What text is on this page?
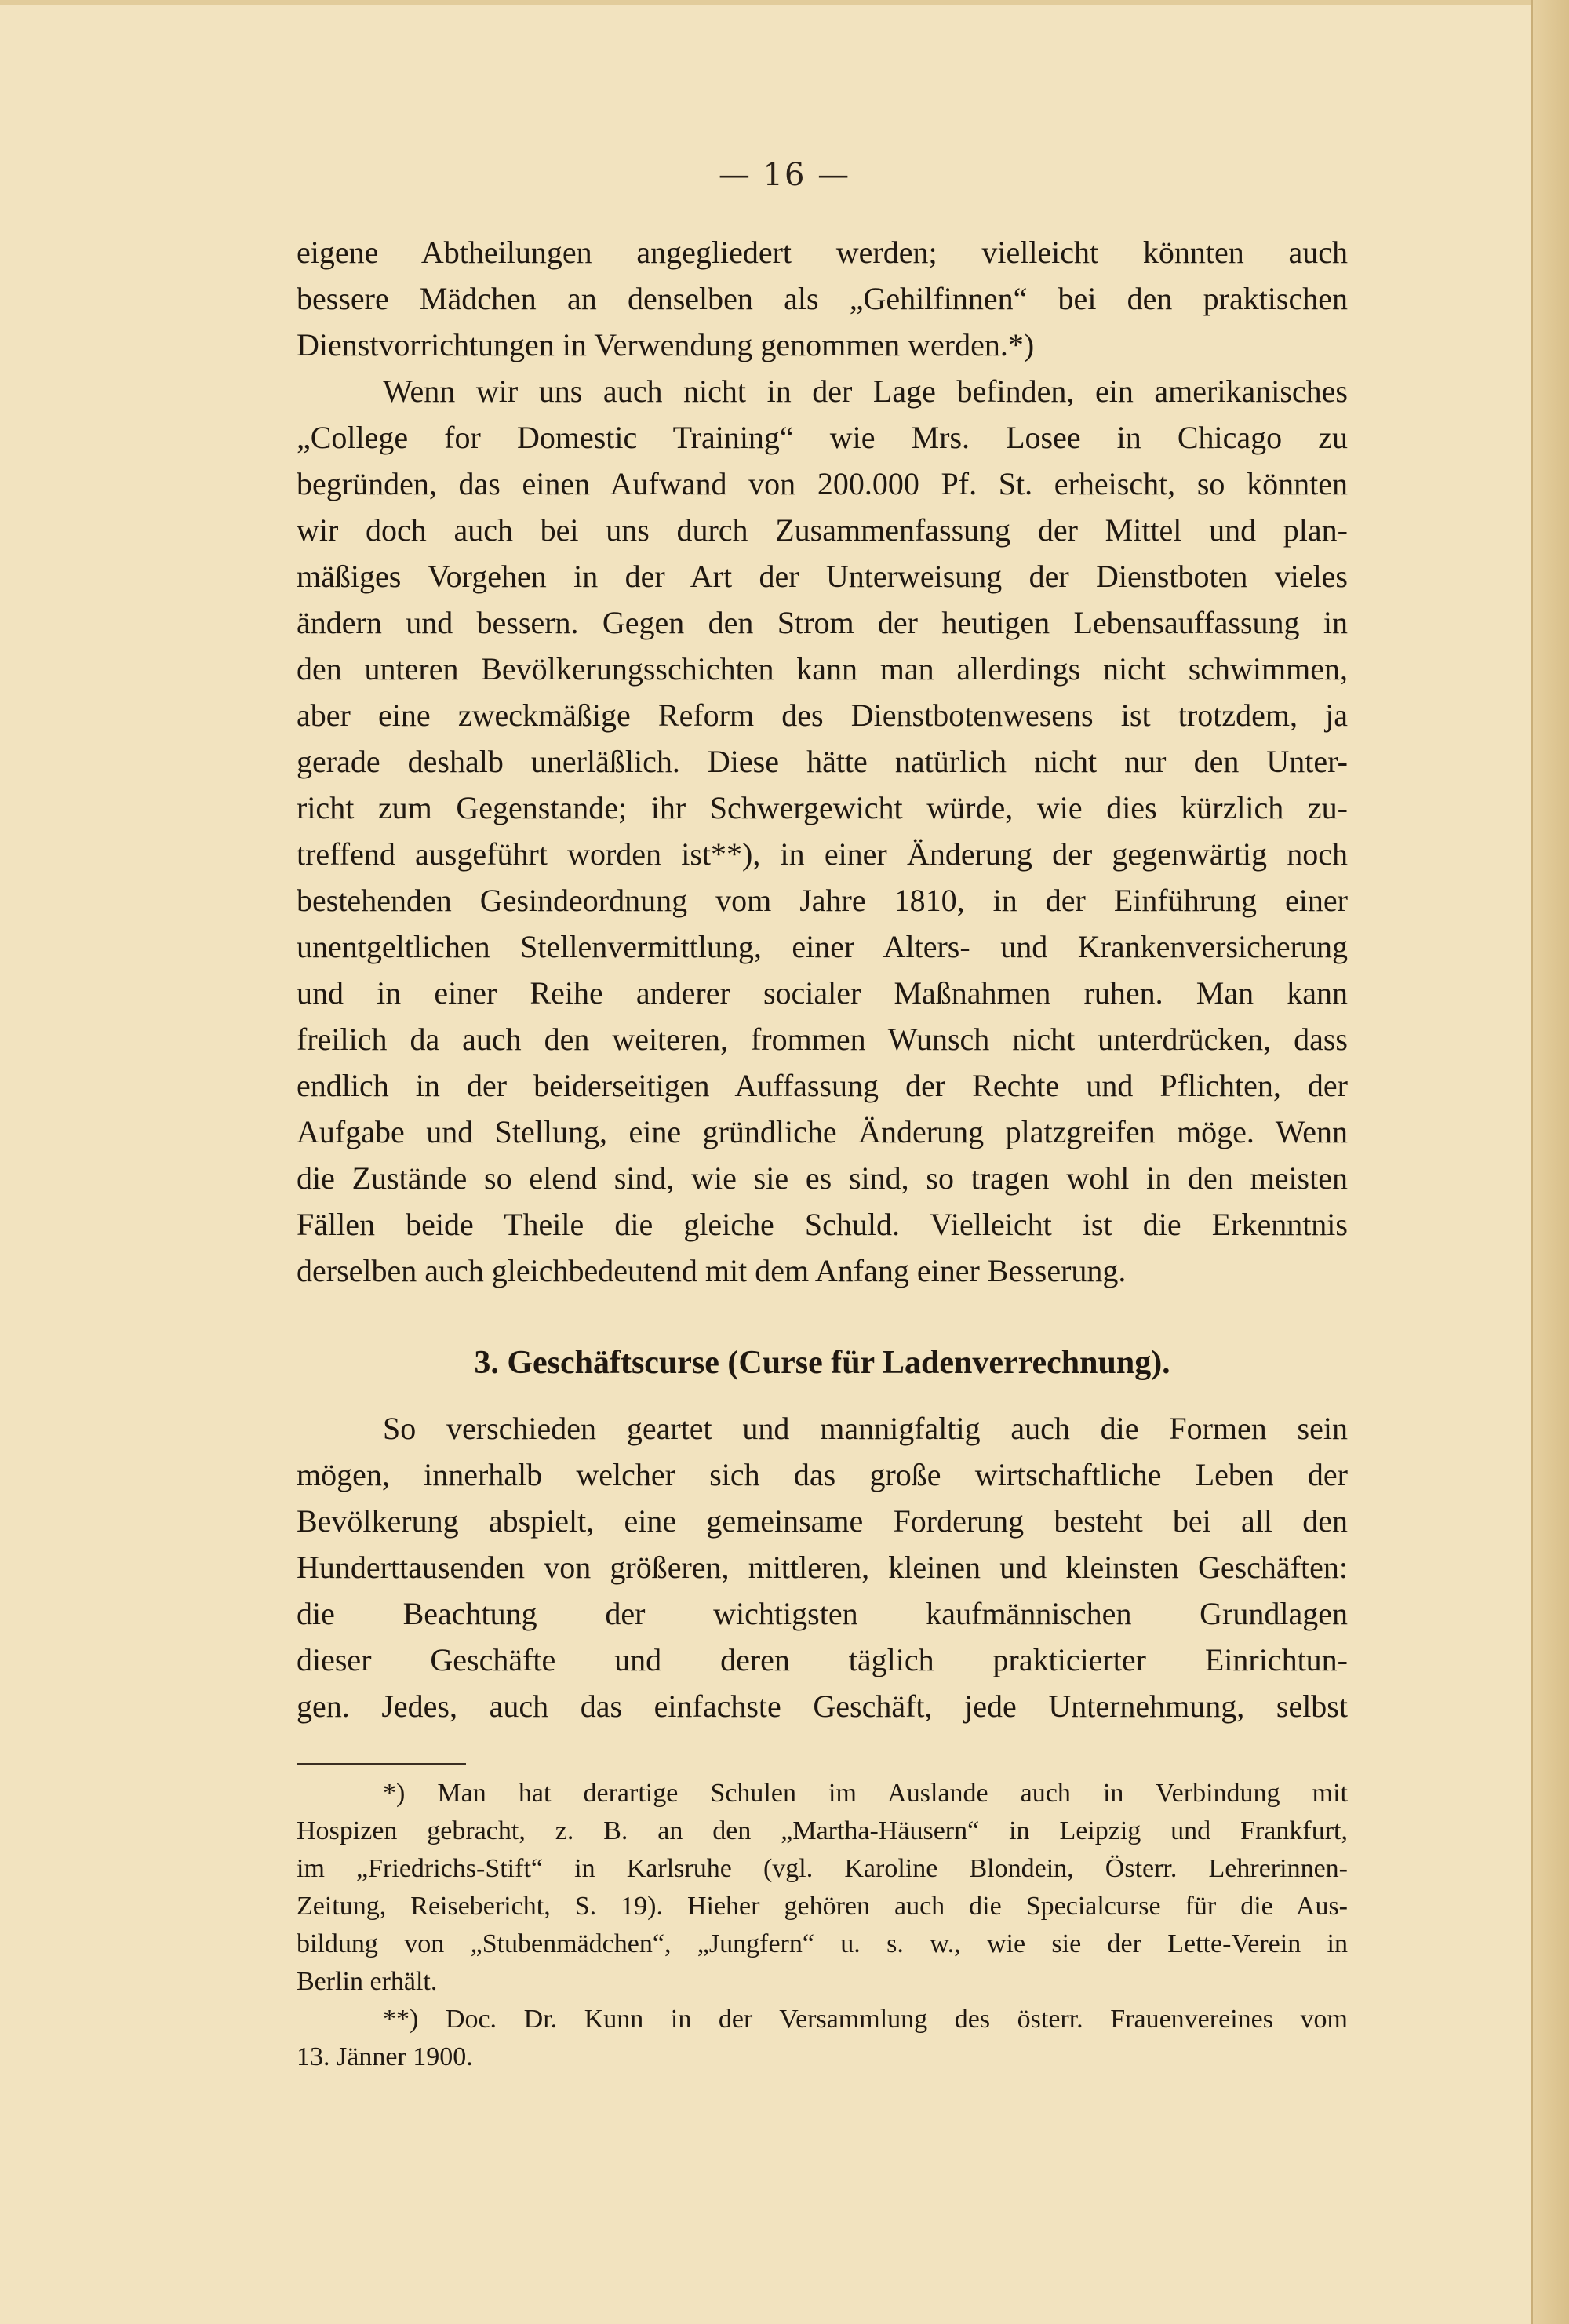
— 16 —
eigene Abtheilungen angegliedert werden; vielleicht könnten auch
bessere Mädchen an denselben als „Gehilfinnen“ bei den praktischen
Dienstvorrichtungen in Verwendung genommen werden.*)
Wenn wir uns auch nicht in der Lage befinden, ein amerikanisches
„College for Domestic Training“ wie Mrs. Losee in Chicago zu
begründen, das einen Aufwand von 200.000 Pf. St. erheischt, so könnten
wir doch auch bei uns durch Zusammenfassung der Mittel und plan-
mäßiges Vorgehen in der Art der Unterweisung der Dienstboten vieles
ändern und bessern. Gegen den Strom der heutigen Lebensauffassung in
den unteren Bevölkerungsschichten kann man allerdings nicht schwimmen,
aber eine zweckmäßige Reform des Dienstbotenwesens ist trotzdem, ja
gerade deshalb unerläßlich. Diese hätte natürlich nicht nur den Unter-
richt zum Gegenstande; ihr Schwergewicht würde, wie dies kürzlich zu-
treffend ausgeführt worden ist**), in einer Änderung der gegenwärtig noch
bestehenden Gesindeordnung vom Jahre 1810, in der Einführung einer
unentgeltlichen Stellenvermittlung, einer Alters- und Krankenversicherung
und in einer Reihe anderer socialer Maßnahmen ruhen. Man kann
freilich da auch den weiteren, frommen Wunsch nicht unterdrücken, dass
endlich in der beiderseitigen Auffassung der Rechte und Pflichten, der
Aufgabe und Stellung, eine gründliche Änderung platzgreifen möge. Wenn
die Zustände so elend sind, wie sie es sind, so tragen wohl in den meisten
Fällen beide Theile die gleiche Schuld. Vielleicht ist die Erkenntnis
derselben auch gleichbedeutend mit dem Anfang einer Besserung.
3. Geschäftscurse (Curse für Ladenverrechnung).
So verschieden geartet und mannigfaltig auch die Formen sein
mögen, innerhalb welcher sich das große wirtschaftliche Leben der
Bevölkerung abspielt, eine gemeinsame Forderung besteht bei all den
Hunderttausenden von größeren, mittleren, kleinen und kleinsten Geschäften:
die Beachtung der wichtigsten kaufmännischen Grundlagen
dieser Geschäfte und deren täglich prakticierter Einrichtun-
gen. Jedes, auch das einfachste Geschäft, jede Unternehmung, selbst
*) Man hat derartige Schulen im Auslande auch in Verbindung mit
Hospizen gebracht, z. B. an den „Martha-Häusern“ in Leipzig und Frankfurt,
im „Friedrichs-Stift“ in Karlsruhe (vgl. Karoline Blondein, Österr. Lehrerinnen-
Zeitung, Reisebericht, S. 19). Hieher gehören auch die Specialcurse für die Aus-
bildung von „Stubenmädchen“, „Jungfern“ u. s. w., wie sie der Lette-Verein in
Berlin erhält.
**) Doc. Dr. Kunn in der Versammlung des österr. Frauenvereines vom
13. Jänner 1900.
